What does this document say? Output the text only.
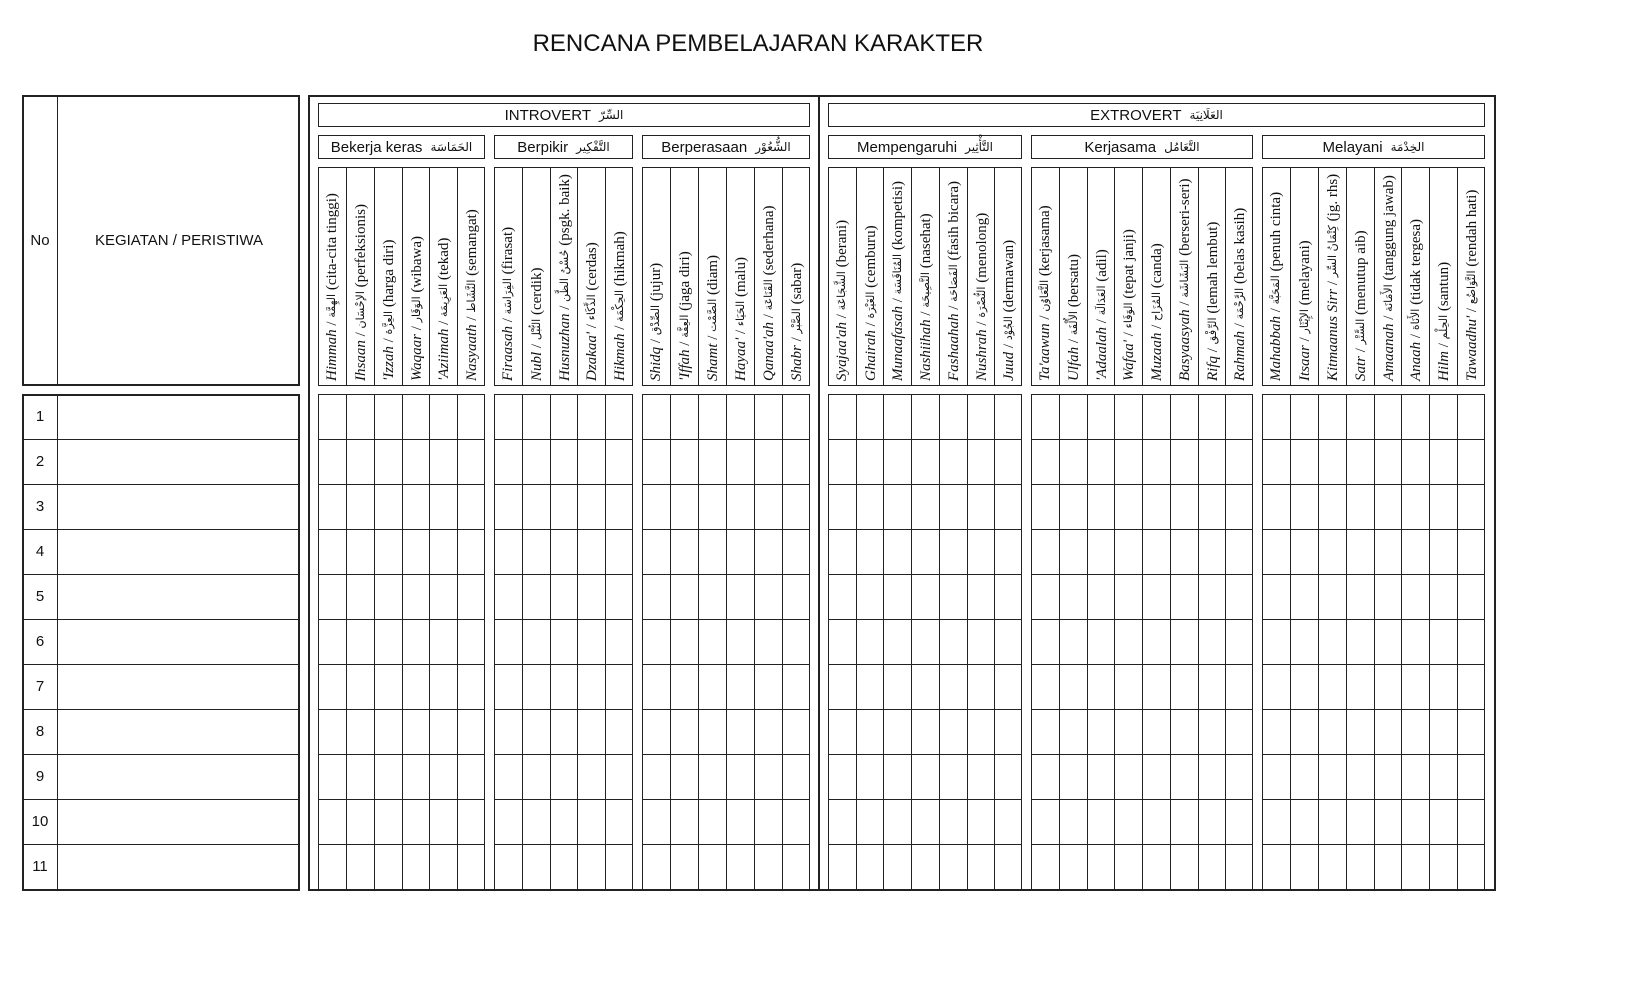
RENCANA PEMBELAJARAN KARAKTER
No	KEGIATAN / PERISTIWA
INTROVERT السِّرّ	EXTROVERT العَلَانِيَة
1
2
3
4
5
6
7
8
9
10
11
Bekerja keras الحَمَاسَة
Himmah / الهِمَّة (cita-cita tinggi)
Ihsaan / الإحْسَان (perfeksionis)
'Izzah / العِزَّة (harga diri)
Waqaar / الوَقَار (wibawa)
'Aziimah / العَزِيمَة (tekad)
Nasyaath / النَّشَاط (semangat)
Berpikir التَّفْكِير
Firaasah / الفِرَاسَة (firasat)
Nubl / النُّبْل (cerdik)
Husnuzhan / حُسْنُ الظَّن (psgk. baik)
Dzakaa' / الذَّكَاء (cerdas)
Hikmah / الحِكْمَة (hikmah)
Berperasaan الشُّعُوْر
Shidq / الصِّدْق (jujur)
'Iffah / العِفَّة (jaga diri)
Shamt / الصَّمْت (diam)
Hayaa' / الحَيَاء (malu)
Qanaa'ah / القَنَاعَة (sederhana)
Shabr / الصَّبْر (sabar)
Mempengaruhi التَّأْثِير
Syajaa'ah / الشَّجَاعَة (berani)
Ghairah / الغَيْرَة (cemburu)
Munaafasah / المُنَافَسَة (kompetisi)
Nashiihah / النَّصِيحَة (nasehat)
Fashaahah / الفَصَاحَة (fasih bicara)
Nushrah / النُّصْرَة (menolong)
Juud / الجُوْد (dermawan)
Kerjasama التَّعَامُل
Ta'aawun / التَّعَاوُن (kerjasama)
Ulfah / الأُلْفَة (bersatu)
'Adaalah / العَدَالَة (adil)
Wafaa' / الوَفَاء (tepat janji)
Muzaah / المُزَاح (canda)
Basyaasyah / البَشَاشَة (berseri-seri)
Rifq / الرِّفْق (lemah lembut)
Rahmah / الرَّحْمَة (belas kasih)
Melayani الخِدْمَة
Mahabbah / المَحَبَّة (penuh cinta)
Itsaar / الإِيْثَار (melayani)
Kitmaanus Sirr / كِتْمَانُ السِّر (jg. rhs)
Satr / السَّتْر (menutup aib)
Amaanah / الأَمَانَة (tanggung jawab)
Anaah / الأَنَاة (tidak tergesa)
Hilm / الحِلْم (santun)
Tawaadhu' / التَّوَاضُع (rendah hati)
